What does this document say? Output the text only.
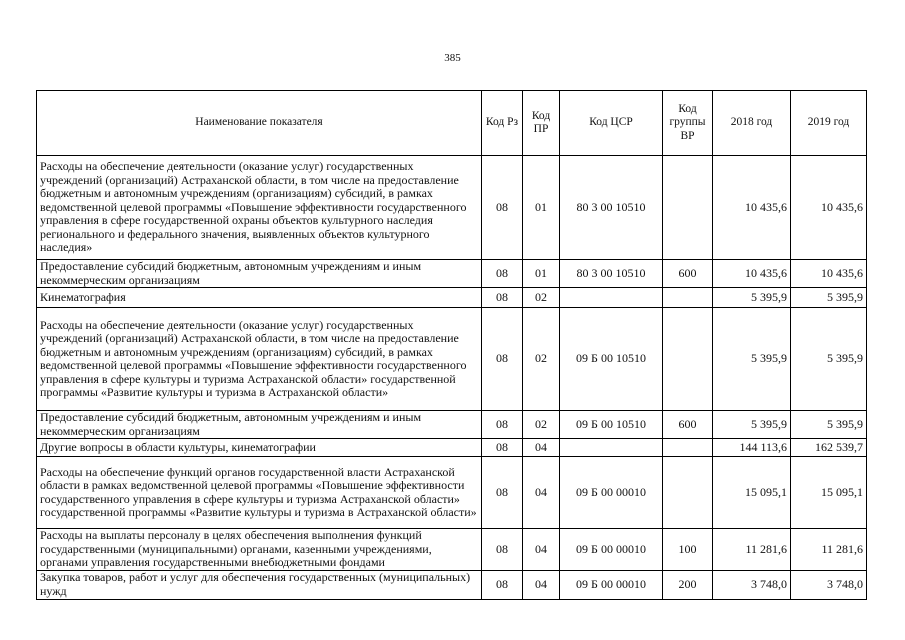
385
Наименование показателя	Код Рз	Код ПР	Код ЦСР	Код группы ВР	2018 год	2019 год
Расходы на обеспечение деятельности (оказание услуг) государственных учреждений (организаций) Астраханской области, в том числе на предоставление бюджетным и автономным учреждениям (организациям) субсидий, в рамках ведомственной целевой программы «Повышение эффективности государственного управления в сфере государственной охраны объектов культурного наследия регионального и федерального значения, выявленных объектов культурного наследия»	08	01	80 3 00 10510		10 435,6	10 435,6
Предоставление субсидий бюджетным, автономным учреждениям и иным некоммерческим организациям	08	01	80 3 00 10510	600	10 435,6	10 435,6
Кинематография	08	02			5 395,9	5 395,9
Расходы на обеспечение деятельности (оказание услуг) государственных учреждений (организаций) Астраханской области, в том числе на предоставление бюджетным и автономным учреждениям (организациям) субсидий, в рамках ведомственной целевой программы «Повышение эффективности государственного управления в сфере культуры и туризма Астраханской области» государственной программы «Развитие культуры и туризма в Астраханской области»	08	02	09 Б 00 10510		5 395,9	5 395,9
Предоставление субсидий бюджетным, автономным учреждениям и иным некоммерческим организациям	08	02	09 Б 00 10510	600	5 395,9	5 395,9
Другие вопросы в области культуры, кинематографии	08	04			144 113,6	162 539,7
Расходы на обеспечение функций органов государственной власти Астраханской области в рамках ведомственной целевой программы «Повышение эффективности государственного управления в сфере культуры и туризма Астраханской области» государственной программы «Развитие культуры и туризма в Астраханской области»	08	04	09 Б 00 00010		15 095,1	15 095,1
Расходы на выплаты персоналу в целях обеспечения выполнения функций государственными (муниципальными) органами, казенными учреждениями, органами управления государственными внебюджетными фондами	08	04	09 Б 00 00010	100	11 281,6	11 281,6
Закупка товаров, работ и услуг для обеспечения государственных (муниципальных) нужд	08	04	09 Б 00 00010	200	3 748,0	3 748,0
